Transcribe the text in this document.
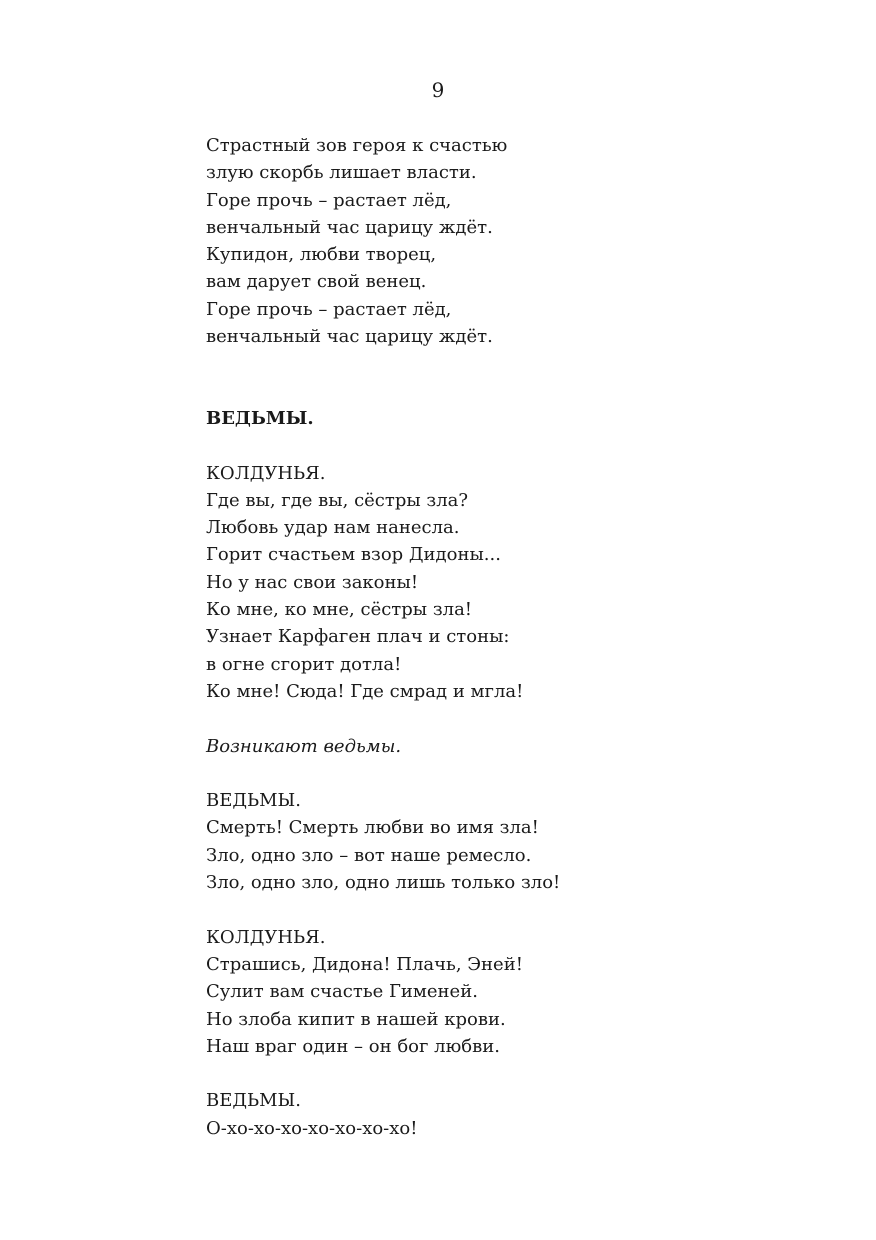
9
Страстный зов героя к счастью
злую скорбь лишает власти.
Горе прочь – растает лёд,
венчальный час царицу ждёт.
Купидон, любви творец,
вам дарует свой венец.
Горе прочь – растает лёд,
венчальный час царицу ждёт.
ВЕДЬМЫ.
КОЛДУНЬЯ.
Где вы, где вы, сёстры зла?
Любовь удар нам нанесла.
Горит счастьем взор Дидоны...
Но у нас свои законы!
Ко мне, ко мне, сёстры зла!
Узнает Карфаген плач и стоны:
в огне сгорит дотла!
Ко мне! Сюда! Где смрад и мгла!
Возникают ведьмы.
ВЕДЬМЫ.
Смерть! Смерть любви во имя зла!
Зло, одно зло – вот наше ремесло.
Зло, одно зло, одно лишь только зло!
КОЛДУНЬЯ.
Страшись, Дидона! Плачь, Эней!
Сулит вам счастье Гименей.
Но злоба кипит в нашей крови.
Наш враг один – он бог любви.
ВЕДЬМЫ.
О-хо-хо-хо-хо-хо-хо-хо!
